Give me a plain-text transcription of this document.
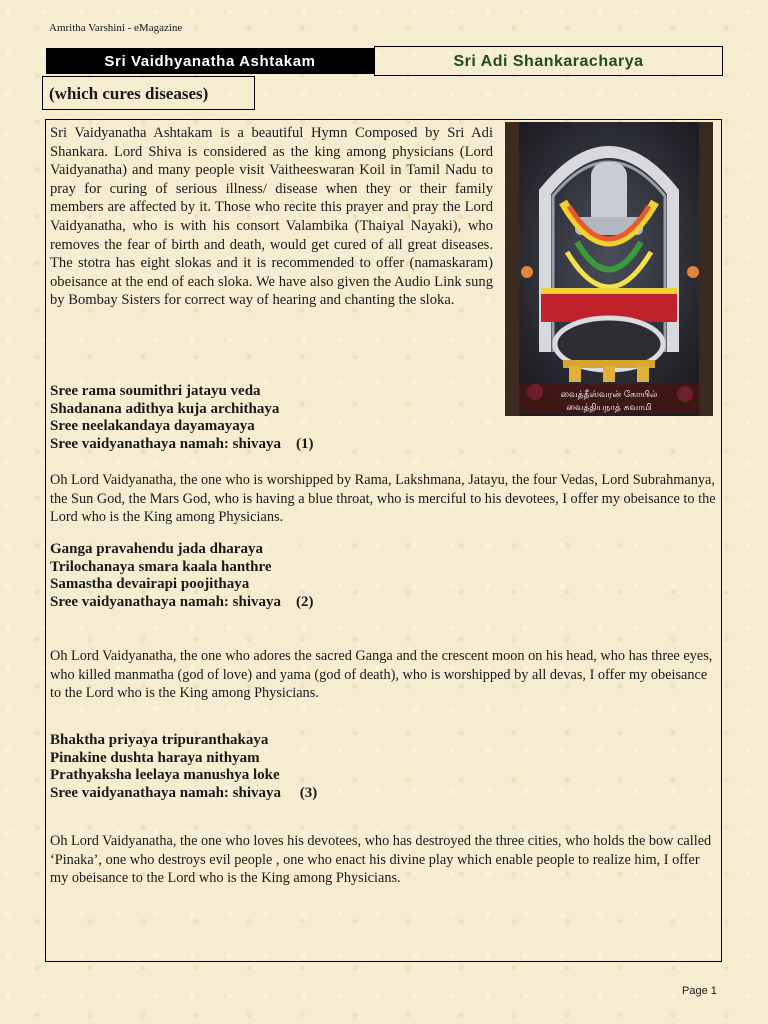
Amritha Varshini - eMagazine
Sri Vaidhyanatha Ashtakam	Sri Adi Shankaracharya
(which cures diseases)

Sri Vaidyanatha Ashtakam is a beautiful Hymn Composed by Sri Adi Shankara. Lord Shiva is considered as the king among physicians (Lord Vaidyanatha) and many people visit Vaitheeswaran Koil in Tamil Nadu to pray for curing of serious illness/ disease when they or their family members are affected by it. Those who recite this prayer and pray the Lord Vaidyanatha, who is with his consort Valambika (Thaiyal Nayaki), who removes the fear of birth and death, would get cured of all great diseases. The stotra has eight slokas and it is recommended to offer (namaskaram) obeisance at the end of each sloka. We have also given the Audio Link sung by Bombay Sisters for correct way of hearing and chanting the sloka.

வைத்தீஸ்வரன் கோயில்
வைத்தியநாத் சுவாமி
Sree rama soumithri jatayu veda
Shadanana adithya kuja archithaya
Sree neelakandaya dayamayaya
Sree vaidyanathaya namah: shivaya    (1)

Oh Lord Vaidyanatha, the one who is worshipped by Rama, Lakshmana, Jatayu, the four Vedas, Lord Subrahmanya, the Sun God, the Mars God, who is having a blue throat, who is merciful to his devotees, I offer my obeisance to the Lord who is the King among Physicians.

Ganga pravahendu jada dharaya
Trilochanaya smara kaala hanthre
Samastha devairapi poojithaya
Sree vaidyanathaya namah: shivaya    (2)

Oh Lord Vaidyanatha, the one who adores the sacred Ganga and the crescent moon on his head, who has three eyes, who killed manmatha (god of love) and yama (god of death), who is worshipped by all devas, I offer my obeisance to the Lord who is the King among Physicians.

Bhaktha priyaya tripuranthakaya
Pinakine dushta haraya nithyam
Prathyaksha leelaya manushya loke
Sree vaidyanathaya namah: shivaya     (3)

Oh Lord Vaidyanatha, the one who loves his devotees, who has destroyed the three cities, who holds the bow called ‘Pinaka’, one who destroys evil people , one who enact his divine play which enable people to realize him, I offer my obeisance to the Lord who is the King among Physicians.

Page 1
